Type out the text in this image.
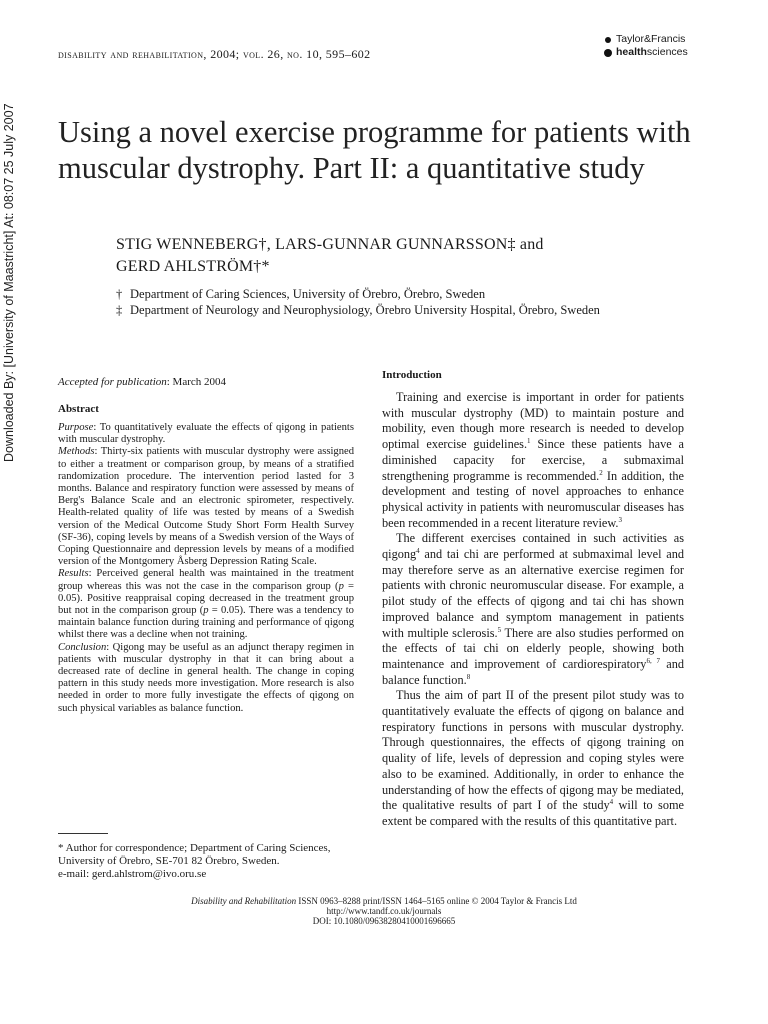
Downloaded By: [University of Maastricht] At: 08:07 25 July 2007
disability and rehabilitation, 2004; vol. 26, no. 10, 595–602
Taylor&Francis
health sciences
Using a novel exercise programme for patients with muscular dystrophy. Part II: a quantitative study
STIG WENNEBERG†, LARS-GUNNAR GUNNARSSON‡ and
GERD AHLSTRÖM†*
† Department of Caring Sciences, University of Örebro, Örebro, Sweden
‡ Department of Neurology and Neurophysiology, Örebro University Hospital, Örebro, Sweden
Accepted for publication: March 2004
Abstract

Purpose: To quantitatively evaluate the effects of qigong in patients with muscular dystrophy.

Methods: Thirty-six patients with muscular dystrophy were assigned to either a treatment or comparison group, by means of a stratified randomization procedure. The intervention period lasted for 3 months. Balance and respiratory function were assessed by means of Berg's Balance Scale and an electronic spirometer, respectively. Health-related quality of life was tested by means of a Swedish version of the Medical Outcome Study Short Form Health Survey (SF-36), coping levels by means of a Swedish version of the Ways of Coping Questionnaire and depression levels by means of a modified version of the Montgomery Åsberg Depression Rating Scale.

Results: Perceived general health was maintained in the treatment group whereas this was not the case in the comparison group (p = 0.05). Positive reappraisal coping decreased in the treatment group but not in the comparison group (p = 0.05). There was a tendency to maintain balance function during training and performance of qigong whilst there was a decline when not training.

Conclusion: Qigong may be useful as an adjunct therapy regimen in patients with muscular dystrophy in that it can bring about a decreased rate of decline in general health. The change in coping pattern in this study needs more investigation. More research is also needed in order to more fully investigate the effects of qigong on such physical variables as balance function.

* Author for correspondence; Department of Caring Sciences,
University of Örebro, SE-701 82 Örebro, Sweden.
e-mail: gerd.ahlstrom@ivo.oru.se
Introduction

Training and exercise is important in order for patients with muscular dystrophy (MD) to maintain posture and mobility, even though more research is needed to develop optimal exercise guidelines.$^1$ Since these patients have a diminished capacity for exercise, a submaximal strengthening programme is recommended.$^2$ In addition, the development and testing of novel approaches to enhance physical activity in patients with neuromuscular diseases has been recommended in a recent literature review.$^3$

The different exercises contained in such activities as qigong$^4$ and tai chi are performed at submaximal level and may therefore serve as an alternative exercise regimen for patients with chronic neuromuscular disease. For example, a pilot study of the effects of qigong and tai chi has shown improved balance and symptom management in patients with multiple sclerosis.$^5$ There are also studies performed on the effects of tai chi on elderly people, showing both maintenance and improvement of cardiorespiratory$^{6, 7}$ and balance function.$^8$

Thus the aim of part II of the present pilot study was to quantitatively evaluate the effects of qigong on balance and respiratory functions in persons with muscular dystrophy. Through questionnaires, the effects of qigong training on quality of life, levels of depression and coping styles were also to be examined. Additionally, in order to enhance the understanding of how the effects of qigong may be mediated, the qualitative results of part I of the study$^4$ will to some extent be compared with the results of this quantitative part.

Disability and Rehabilitation ISSN 0963–8288 print/ISSN 1464–5165 online © 2004 Taylor & Francis Ltd
http://www.tandf.co.uk/journals
DOI: 10.1080/09638280410001696665
